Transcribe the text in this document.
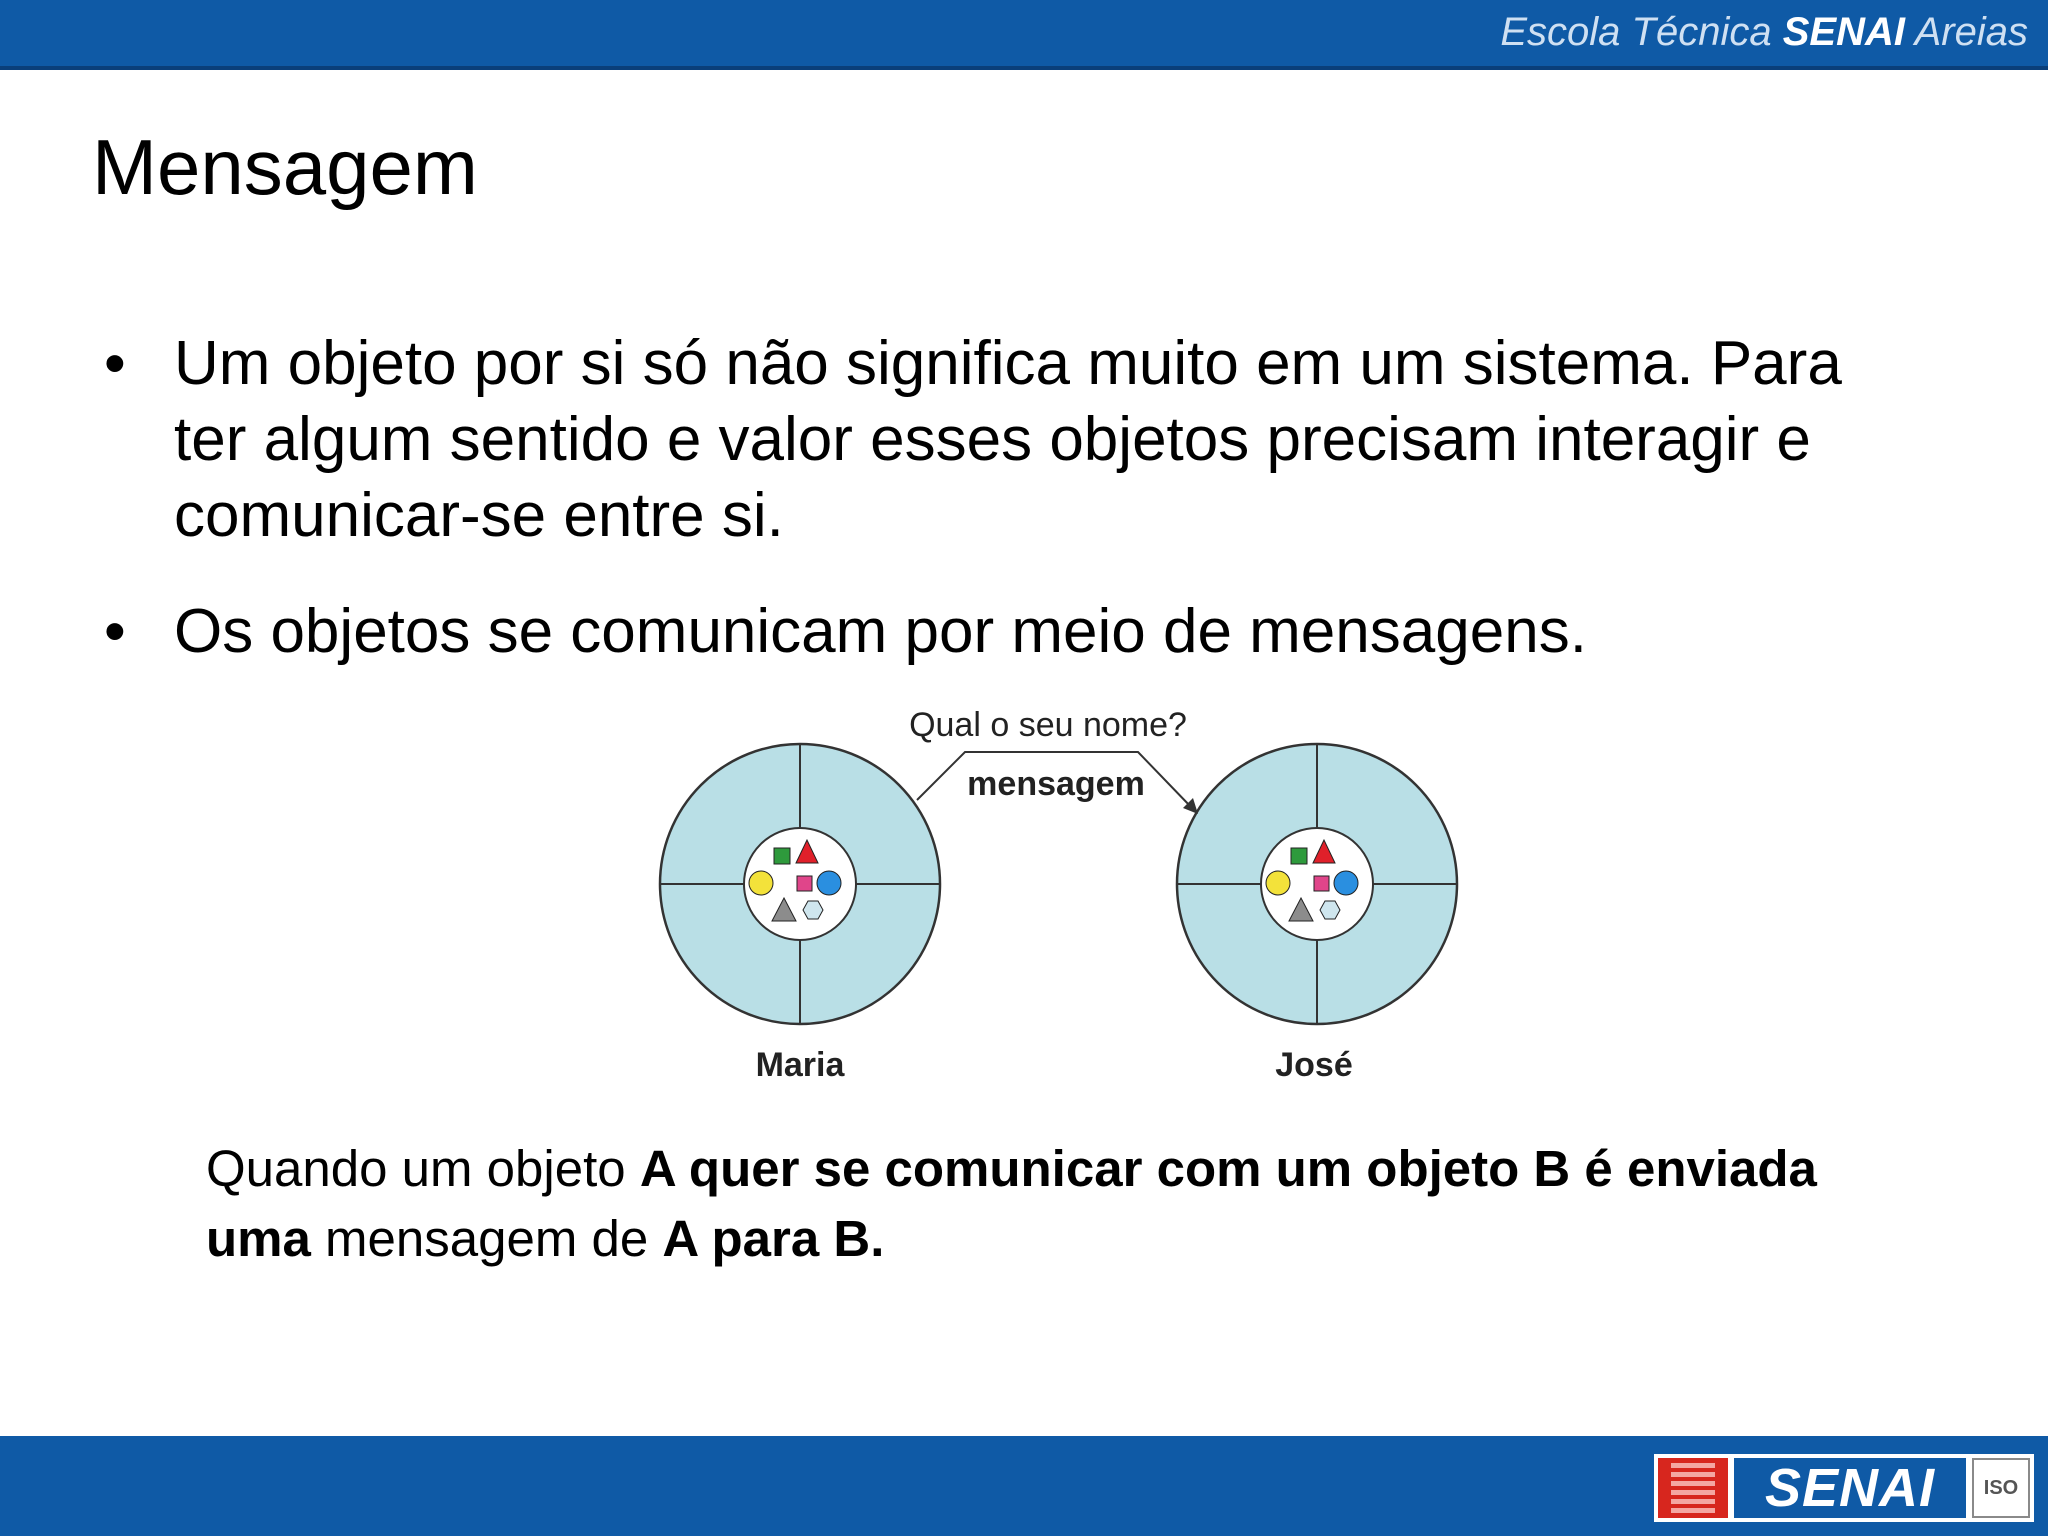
Escola Técnica SENAI Areias
Mensagem
• Um objeto por si só não significa muito em um sistema. Para ter algum sentido e valor esses objetos precisam interagir e comunicar-se entre si.
• Os objetos se comunicam por meio de mensagens.
Qual o seu nome?
mensagem
Maria	José

Quando um objeto A quer se comunicar com um objeto B é enviada uma mensagem de A para B.

SENAI	ISO
